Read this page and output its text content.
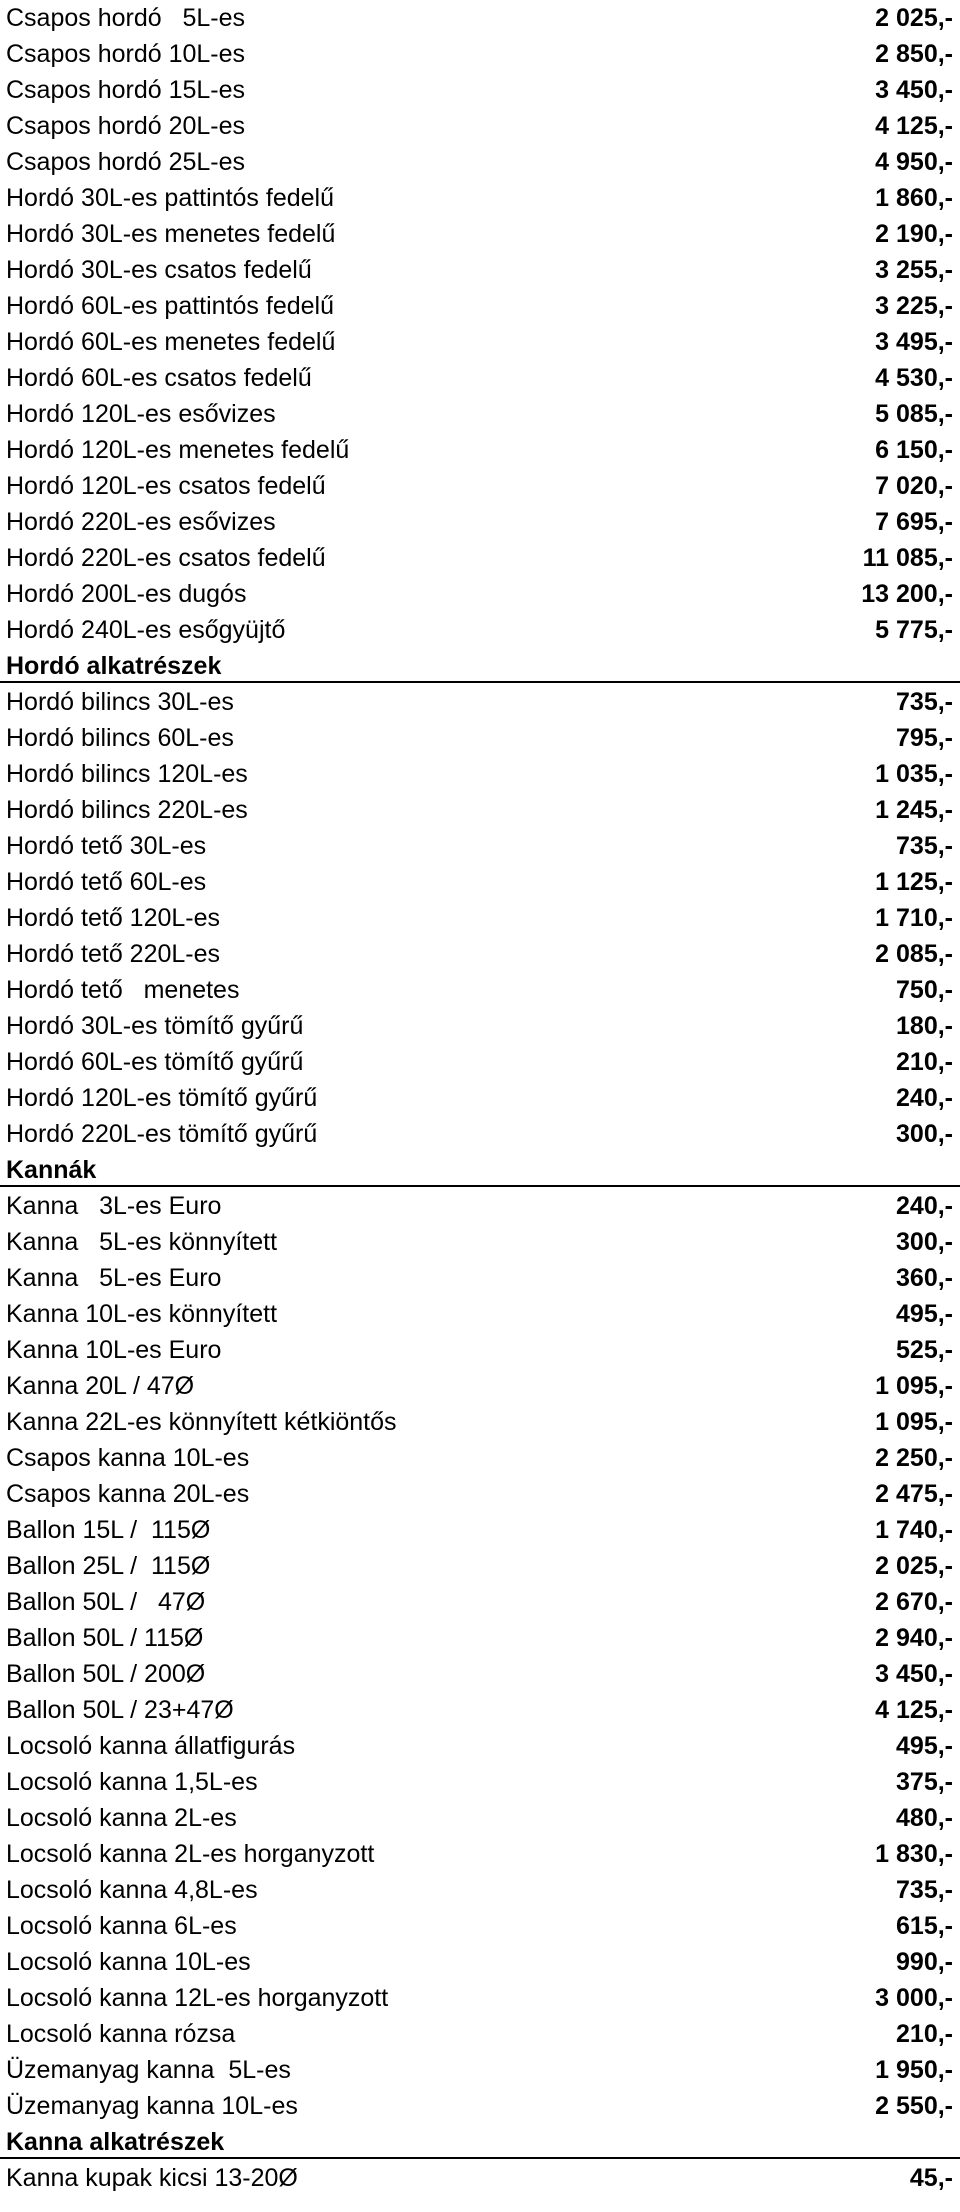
Csapos hordó   5L-es	2 025,-
Csapos hordó 10L-es	2 850,-
Csapos hordó 15L-es	3 450,-
Csapos hordó 20L-es	4 125,-
Csapos hordó 25L-es	4 950,-
Hordó 30L-es pattintós fedelű	1 860,-
Hordó 30L-es menetes fedelű	2 190,-
Hordó 30L-es csatos fedelű	3 255,-
Hordó 60L-es pattintós fedelű	3 225,-
Hordó 60L-es menetes fedelű	3 495,-
Hordó 60L-es csatos fedelű	4 530,-
Hordó 120L-es esővizes	5 085,-
Hordó 120L-es menetes fedelű	6 150,-
Hordó 120L-es csatos fedelű	7 020,-
Hordó 220L-es esővizes	7 695,-
Hordó 220L-es csatos fedelű	11 085,-
Hordó 200L-es dugós	13 200,-
Hordó 240L-es esőgyüjtő	5 775,-
Hordó alkatrészek
Hordó bilincs 30L-es	735,-
Hordó bilincs 60L-es	795,-
Hordó bilincs 120L-es	1 035,-
Hordó bilincs 220L-es	1 245,-
Hordó tető 30L-es	735,-
Hordó tető 60L-es	1 125,-
Hordó tető 120L-es	1 710,-
Hordó tető 220L-es	2 085,-
Hordó tető   menetes	750,-
Hordó 30L-es tömítő gyűrű	180,-
Hordó 60L-es tömítő gyűrű	210,-
Hordó 120L-es tömítő gyűrű	240,-
Hordó 220L-es tömítő gyűrű	300,-
Kannák
Kanna   3L-es Euro	240,-
Kanna   5L-es könnyített	300,-
Kanna   5L-es Euro	360,-
Kanna 10L-es könnyített	495,-
Kanna 10L-es Euro	525,-
Kanna 20L / 47Ø	1 095,-
Kanna 22L-es könnyített kétkiöntős	1 095,-
Csapos kanna 10L-es	2 250,-
Csapos kanna 20L-es	2 475,-
Ballon 15L /  115Ø	1 740,-
Ballon 25L /  115Ø	2 025,-
Ballon 50L /   47Ø	2 670,-
Ballon 50L / 115Ø	2 940,-
Ballon 50L / 200Ø	3 450,-
Ballon 50L / 23+47Ø	4 125,-
Locsoló kanna állatfigurás	495,-
Locsoló kanna 1,5L-es	375,-
Locsoló kanna 2L-es	480,-
Locsoló kanna 2L-es horganyzott	1 830,-
Locsoló kanna 4,8L-es	735,-
Locsoló kanna 6L-es	615,-
Locsoló kanna 10L-es	990,-
Locsoló kanna 12L-es horganyzott	3 000,-
Locsoló kanna rózsa	210,-
Üzemanyag kanna  5L-es	1 950,-
Üzemanyag kanna 10L-es	2 550,-
Kanna alkatrészek
Kanna kupak kicsi 13-20Ø	45,-
